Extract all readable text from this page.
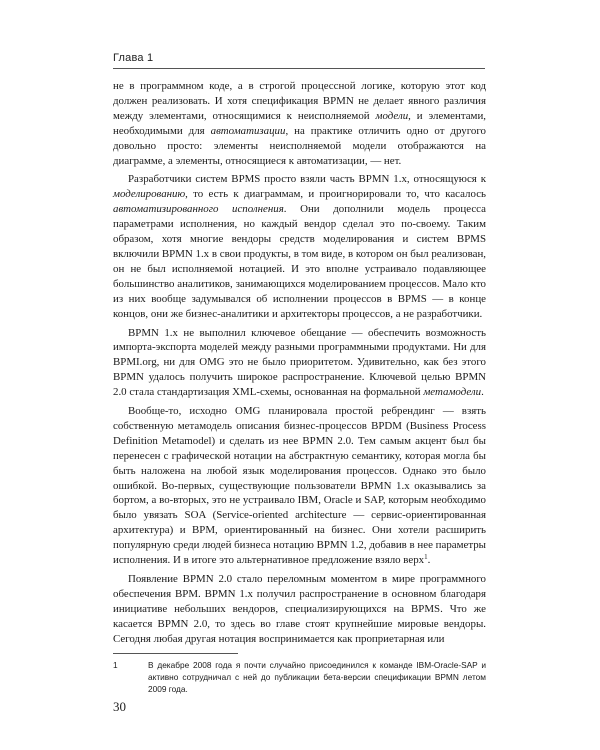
Глава 1

не в программном коде, а в строгой процессной логике, которую этот код должен реализовать. И хотя спецификация BPMN не делает явного различия между элементами, относящимися к неисполняемой модели, и элементами, необходимыми для автоматизации, на практике отличить одно от другого довольно просто: элементы неисполняемой модели отображаются на диаграмме, а элементы, относящиеся к автоматизации, — нет.

Разработчики систем BPMS просто взяли часть BPMN 1.x, относящуюся к моделированию, то есть к диаграммам, и проигнорировали то, что касалось автоматизированного исполнения. Они дополнили модель процесса параметрами исполнения, но каждый вендор сделал это по-своему. Таким образом, хотя многие вендоры средств моделирования и систем BPMS включили BPMN 1.x в свои продукты, в том виде, в котором он был реализован, он не был исполняемой нотацией. И это вполне устраивало подавляющее большинство аналитиков, занимающихся моделированием процессов. Мало кто из них вообще задумывался об исполнении процессов в BPMS — в конце концов, они же бизнес-аналитики и архитекторы процессов, а не разработчики.

BPMN 1.x не выполнил ключевое обещание — обеспечить возможность импорта-экспорта моделей между разными программными продуктами. Ни для BPMI.org, ни для OMG это не было приоритетом. Удивительно, как без этого BPMN удалось получить широкое распространение. Ключевой целью BPMN 2.0 стала стандартизация XML-схемы, основанная на формальной метамодели.

Вообще-то, исходно OMG планировала простой ребрендинг — взять собственную метамодель описания бизнес-процессов BPDM (Business Process Definition Metamodel) и сделать из нее BPMN 2.0. Тем самым акцент был бы перенесен с графической нотации на абстрактную семантику, которая могла бы быть наложена на любой язык моделирования процессов. Однако это было ошибкой. Во-первых, существующие пользователи BPMN 1.x оказывались за бортом, а во-вторых, это не устраивало IBM, Oracle и SAP, которым необходимо было увязать SOA (Service-oriented architecture — сервис-ориентированная архитектура) и BPM, ориентированный на бизнес. Они хотели расширить популярную среди людей бизнеса нотацию BPMN 1.2, добавив в нее параметры исполнения. И в итоге это альтернативное предложение взяло верх$^1$.

Появление BPMN 2.0 стало переломным моментом в мире программного обеспечения BPM. BPMN 1.x получил распространение в основном благодаря инициативе небольших вендоров, специализирующихся на BPMS. Что же касается BPMN 2.0, то здесь во главе стоят крупнейшие мировые вендоры. Сегодня любая другая нотация воспринимается как проприетарная или

1	В декабре 2008 года я почти случайно присоединился к команде IBM-Oracle-SAP и активно сотрудничал с ней до публикации бета-версии спецификации BPMN летом 2009 года.
30
